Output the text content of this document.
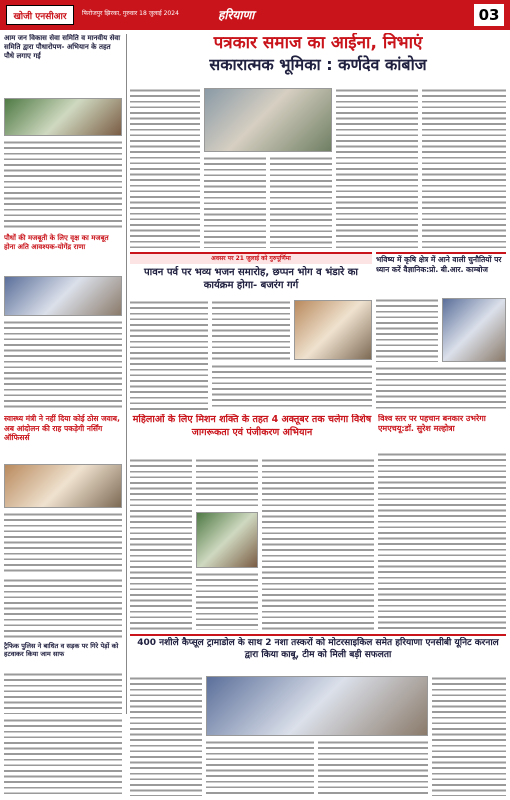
खोजी एनसीआर	फिरोजपुर झिरका, गुरुवार 18 जुलाई 2024	हरियाणा	03
आम जन विकास सेवा समिति व मानवीय सेवा समिति द्वारा पौधारोपण- अभियान के तहत पौधे लगाए गई
पौधों की मजबूती के लिए वृक्ष का मजबूत होना अति आवश्यक-योगेंद्र राणा
स्वास्थ्य मंत्री ने नहीं दिया कोई ठोस जवाब, अब आंदोलन की राह पकड़ेगी नर्सिंग ऑफिसर्स
ट्रैफिक पुलिस ने बाधित व सड़क पर गिरे पेड़ों को हटवाकर किया जाम साफ
पत्रकार समाज का आईना, निभाएं
सकारात्मक भूमिका : कर्णदेव कांबोज
अवसर पर 21 जुलाई को गुरुपूर्णिमा
पावन पर्व पर भव्य भजन समारोह, छप्पन भोग व भंडारे का कार्यक्रम होगा- बजरंग गर्ग
भविष्य में कृषि क्षेत्र में आने वाली चुनौतियों पर ध्यान करें वैज्ञानिक:प्रो. बी.आर. काम्बोज
महिलाओं के लिए मिशन शक्ति के तहत 4 अक्तूबर तक चलेगा विशेष जागरूकता एवं पंजीकरण अभियान
विश्व स्तर पर पहचान बनकार उभरेगा एमएचयू:डॉ. सुरेश मल्होत्रा
400 नशीले कैप्सूल ट्रामाडोल के साथ 2 नशा तस्करों को मोटरसाइकिल समेत हरियाणा एनसीबी यूनिट करनाल द्वारा किया काबू, टीम को मिली बड़ी सफलता
